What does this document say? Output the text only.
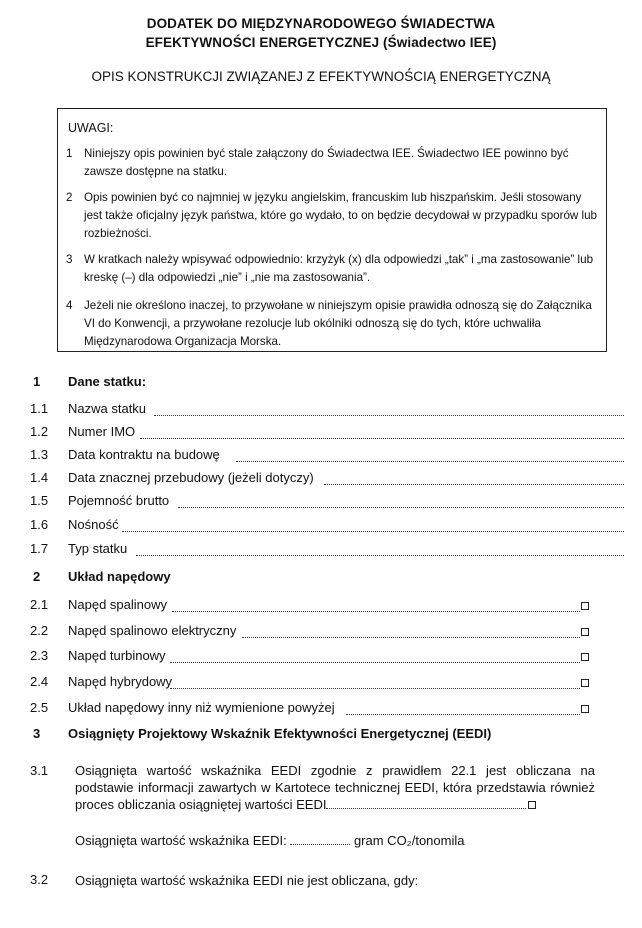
DODATEK DO MIĘDZYNARODOWEGO ŚWIADECTWA
EFEKTYWNOŚCI ENERGETYCZNEJ (Świadectwo IEE)
OPIS KONSTRUKCJI ZWIĄZANEJ Z EFEKTYWNOŚCIĄ ENERGETYCZNĄ
UWAGI:
1 Niniejszy opis powinien być stale załączony do Świadectwa IEE. Świadectwo IEE powinno być zawsze dostępne na statku.
2 Opis powinien być co najmniej w języku angielskim, francuskim lub hiszpańskim. Jeśli stosowany jest także oficjalny język państwa, które go wydało, to on będzie decydował w przypadku sporów lub rozbieżności.
3 W kratkach należy wpisywać odpowiednio: krzyżyk (x) dla odpowiedzi „tak” i „ma zastosowanie” lub kreskę (–) dla odpowiedzi „nie” i „nie ma zastosowania”.
4 Jeżeli nie określono inaczej, to przywołane w niniejszym opisie prawidła odnoszą się do Załącznika VI do Konwencji, a przywołane rezolucje lub okólniki odnoszą się do tych, które uchwaliła Międzynarodowa Organizacja Morska.
1 Dane statku:
1.1 Nazwa statku
1.2 Numer IMO
1.3 Data kontraktu na budowę
1.4 Data znacznej przebudowy (jeżeli dotyczy)
1.5 Pojemność brutto
1.6 Nośność
1.7 Typ statku
2 Układ napędowy
2.1 Napęd spalinowy
2.2 Napęd spalinowo elektryczny
2.3 Napęd turbinowy
2.4 Napęd hybrydowy
2.5 Układ napędowy inny niż wymienione powyżej
3 Osiągnięty Projektowy Wskaźnik Efektywności Energetycznej (EEDI)
3.1 Osiągnięta wartość wskaźnika EEDI zgodnie z prawidłem 22.1 jest obliczana na podstawie informacji zawartych w Kartotece technicznej EEDI, która przedstawia również proces obliczania osiągniętej wartości EEDI
Osiągnięta wartość wskaźnika EEDI:	gram CO₂/tonomila
3.2 Osiągnięta wartość wskaźnika EEDI nie jest obliczana, gdy:
